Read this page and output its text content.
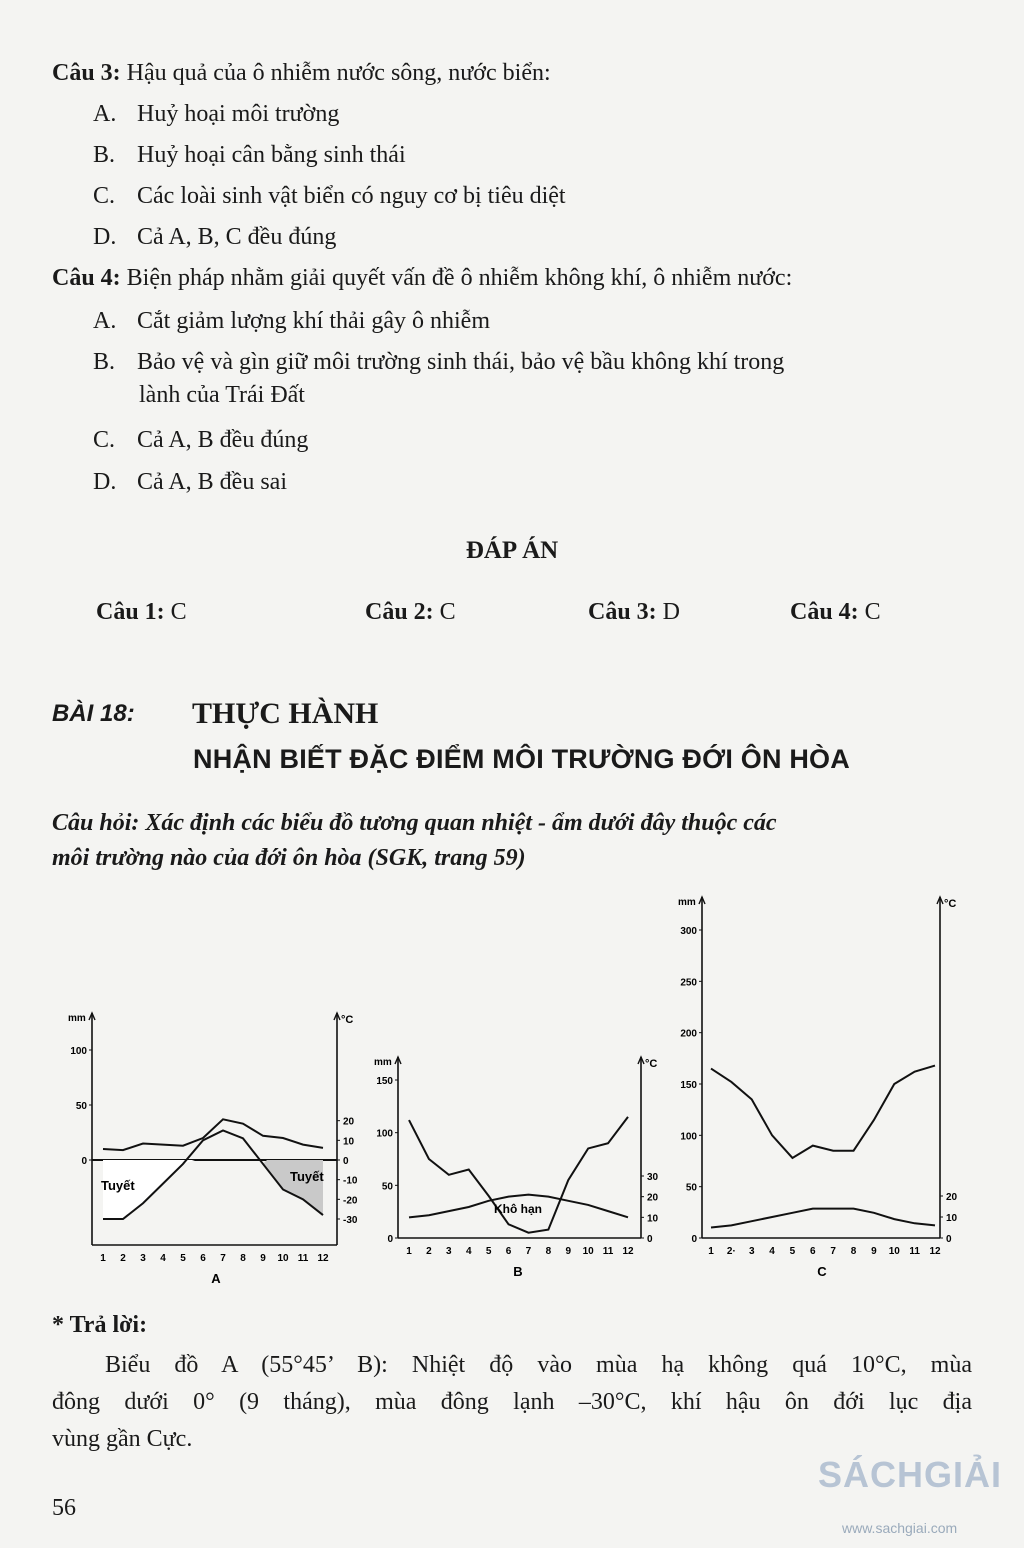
Câu 3: Hậu quả của ô nhiễm nước sông, nước biển:
A. Huỷ hoại môi trường
B. Huỷ hoại cân bằng sinh thái
C. Các loài sinh vật biển có nguy cơ bị tiêu diệt
D. Cả A, B, C đều đúng
Câu 4: Biện pháp nhằm giải quyết vấn đề ô nhiễm không khí, ô nhiễm nước:
A. Cắt giảm lượng khí thải gây ô nhiễm
B. Bảo vệ và gìn giữ môi trường sinh thái, bảo vệ bầu không khí trong
lành của Trái Đất
C. Cả A, B đều đúng
D. Cả A, B đều sai
ĐÁP ÁN
Câu 1: C	Câu 2: C	Câu 3: D	Câu 4: C
BÀI 18: THỰC HÀNH
NHẬN BIẾT ĐẶC ĐIỂM MÔI TRƯỜNG ĐỚI ÔN HÒA
Câu hỏi: Xác định các biểu đồ tương quan nhiệt - ẩm dưới đây thuộc các
môi trường nào của đới ôn hòa (SGK, trang 59)
mm	°C
0
50
100
-30
-20
-10
0
10
20
1 2 3 4 5 6 7 8 9 10 11 12
A
Tuyết
Tuyết
mm	°C
0
50
100
150
0
10
20
30
1 2 3 4 5 6 7 8 9 10 11 12
B
Khô hạn
mm	°C
0
50
100
150
200
250
300
0
10
20
1 2· 3 4 5 6 7 8 9 10 11 12
C
* Trả lời:
Biểu đồ A (55°45’ B): Nhiệt độ vào mùa hạ không quá 10°C, mùa
đông dưới 0° (9 tháng), mùa đông lạnh –30°C, khí hậu ôn đới lục địa
vùng gần Cực.
56
SÁCHGIẢI
www.sachgiai.com
